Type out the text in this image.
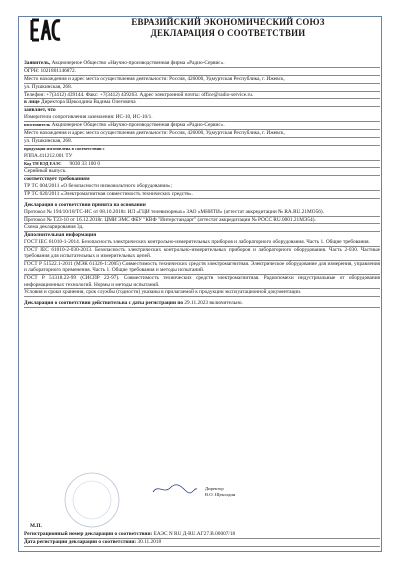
ЕВРАЗИЙСКИЙ ЭКОНОМИЧЕСКИЙ СОЮЗ
ДЕКЛАРАЦИЯ О СООТВЕТСТВИИ
Заявитель, Акционерное Общество «Научно-производственная фирма «Радио-Сервис».
ОГРН: 1021801146872.
Место нахождения и адрес места осуществления деятельности: Россия, 426000, Удмуртская Республика, г. Ижевск,
ул. Пушкинская, 268.
Телефон: +7(3412) 439144. Факс: +7(3412) 439263. Адрес электронной почты: office@radio-service.ru.
в лице Директора Щеколдина Вадима Олеговича
заявляет, что
Измерители сопротивления заземления: ИС-10, ИС-10/1.
изготовитель Акционерное Общество «Научно-производственная фирма «Радио-Сервис».
Место нахождения и адрес места осуществления деятельности: Россия, 426000, Удмуртская Республика, г. Ижевск,
ул. Пушкинская, 268.
продукция изготовлена в соответствии с
РЛПА.411212.001 ТУ
Код ТН ВЭД ЕАЭС 9030 33 100 0
Серийный выпуск.
соответствует требованиям
ТР ТС 004/2011 «О безопасности низковольтного оборудования»;
ТР ТС 020/2011 «Электромагнитная совместимость технических средств».
Декларация о соответствии принята на основании
Протокол № 194/10/18/ТС-ИС от 08.10.2018г. ИЛ «ГЦИ телевизорных» ЗАО «МНИТИ» (аттестат аккредитации № RA.RU.21МО56).
Протокол № Т23-10 от 16.12.2018г. ЦМИ ЭМС ФБУ "КВФ "Интерстандарт" (аттестат аккредитации № РОСС RU.0001.21МЭ54).
Схема декларирования 3д.
Дополнительная информация
ГОСТ IEC 61010-1-2014. Безопасность электрических контрольно-измерительных приборов и лабораторного оборудования. Часть 1. Общие требования.
ГОСТ IEC 61010-2-030-2013. Безопасность электрических контрольно-измерительных приборов и лабораторного оборудования. Часть 2-030. Частные требования для испытательных и измерительных цепей.
ГОСТ Р 51522.1-2011 (МЭК 61326-1:2005) Совместимость технических средств электромагнитная. Электрическое оборудование для измерения, управления и лабораторного применения. Часть 1. Общие требования и методы испытаний.
ГОСТ Р 51318.22-99 (СИСПР 22-97). Совместимость технических средств электромагнитная. Радиопомехи индустриальные от оборудования информационных технологий. Нормы и методы испытаний.
Условия и сроки хранения, срок службы (годности) указаны в прилагаемой к продукции эксплуатационной документации.
Декларация о соответствии действительна с даты регистрации по 29.11.2023 включительно.
Директор
В.О. Щеколдин
М.П.
Регистрационный номер декларации о соответствии: ЕАЭС N RU Д-RU.АГ27.В.00007/18
Дата регистрации декларации о соответствии: 30.11.2018
